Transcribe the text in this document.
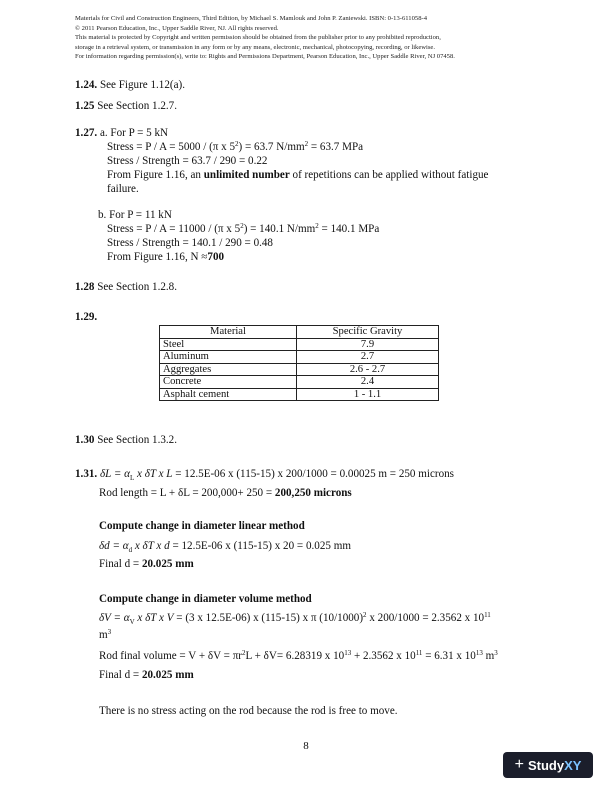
Materials for Civil and Construction Engineers, Third Edition, by Michael S. Mamlouk and John P. Zaniewski. ISBN: 0-13-611058-4
© 2011 Pearson Education, Inc., Upper Saddle River, NJ. All rights reserved.
This material is protected by Copyright and written permission should be obtained from the publisher prior to any prohibited reproduction,
storage in a retrieval system, or transmission in any form or by any means, electronic, mechanical, photocopying, recording, or likewise.
For information regarding permission(s), write to: Rights and Permissions Department, Pearson Education, Inc., Upper Saddle River, NJ 07458.
1.24. See Figure 1.12(a).
1.25 See Section 1.2.7.
1.27. a. For P = 5 kN
Stress = P / A = 5000 / (π x $5^2) = 63.7$ $N/mm^2 = 63.7$ MPa
Stress / Strength = 63.7 / 290 = 0.22
From Figure 1.16, an unlimited number of repetitions can be applied without fatigue
failure.
b. For P = 11 kN
Stress = P / A = 11000 / (π x $5^2) = 140.1$ $N/mm^2 = 140.1$ MPa
Stress / Strength = 140.1 / 290 = 0.48
From Figure 1.16, N ≈700
1.28 See Section 1.2.8.
1.29.
Material	Specific Gravity
Steel	7.9
Aluminum	2.7
Aggregates	2.6 - 2.7
Concrete	2.4
Asphalt cement	1 - 1.1
1.30 See Section 1.3.2.
1.31. $\delta L = \alpha_L$ x δT x L = 12.5E-06 x (115-15) x 200/1000 = 0.00025 m = 250 microns
Rod length = L + δL = 200,000+ 250 = 200,250 microns
Compute change in diameter linear method
$\delta d = \alpha_d$ x δT x d = 12.5E-06 x (115-15) x 20 = 0.025 mm
Final d = 20.025 mm
Compute change in diameter volume method
$\delta V = \alpha_V$ x δT x V = (3 x 12.5E-06) x (115-15) x π $(10/1000)^2$ x 200/1000 = 2.3562 x $10^{11}$
$m^3$
Rod final volume = $V + \delta V = \pi r^2L + \delta V= 6.28319$ x $10^{13} + 2.3562$ x $10^{11} = 6.31$ x $10^{13}$ $m^3$
Final d = 20.025 mm
There is no stress acting on the rod because the rod is free to move.
8
+ StudyXY
